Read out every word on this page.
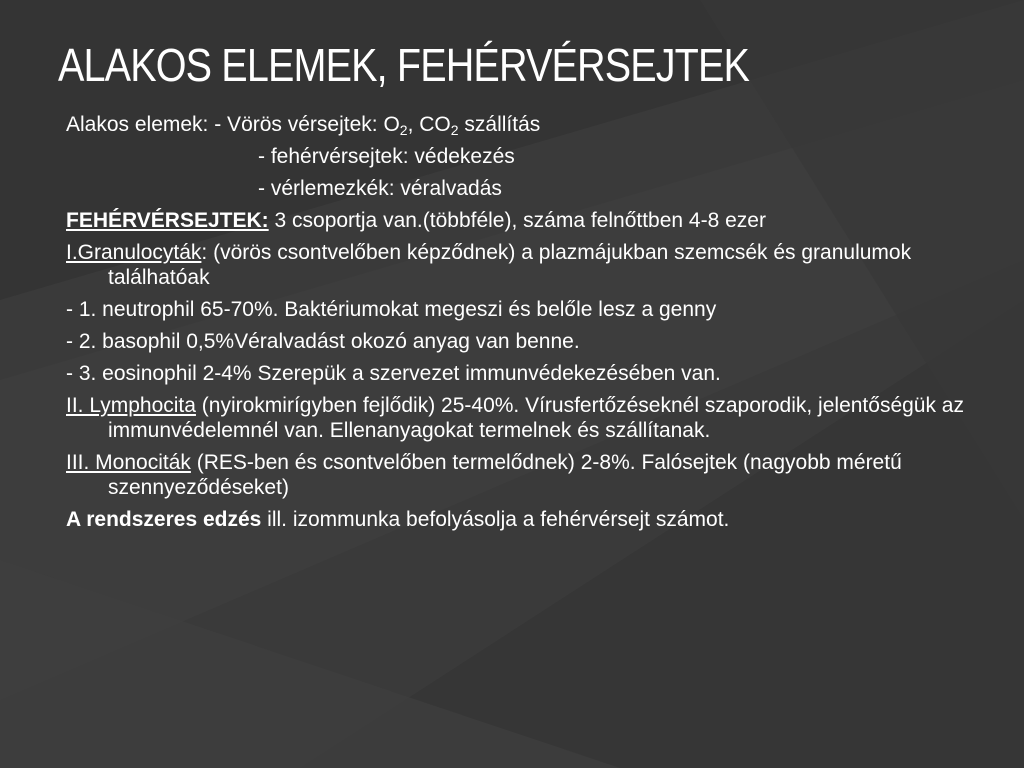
ALAKOS ELEMEK, FEHÉRVÉRSEJTEK

Alakos elemek: - Vörös vérsejtek: $O_2$, $CO_2$ szállítás

- fehérvérsejtek: védekezés

- vérlemezkék: véralvadás

FEHÉRVÉRSEJTEK: 3 csoportja van.(többféle), száma felnőttben 4-8 ezer

I.Granulocyták: (vörös csontvelőben képződnek) a plazmájukban szemcsék és granulumok találhatóak

- 1. neutrophil 65-70%. Baktériumokat megeszi és belőle lesz a genny

- 2. basophil 0,5%Véralvadást okozó anyag van benne.

- 3. eosinophil 2-4% Szerepük a szervezet immunvédekezésében van.

II. Lymphocita (nyirokmirígyben fejlődik) 25-40%. Vírusfertőzéseknél szaporodik, jelentőségük az immunvédelemnél van. Ellenanyagokat termelnek és szállítanak.

III. Monociták (RES-ben és csontvelőben termelődnek) 2-8%. Falósejtek (nagyobb méretű szennyeződéseket)

A rendszeres edzés ill. izommunka befolyásolja a fehérvérsejt számot.
